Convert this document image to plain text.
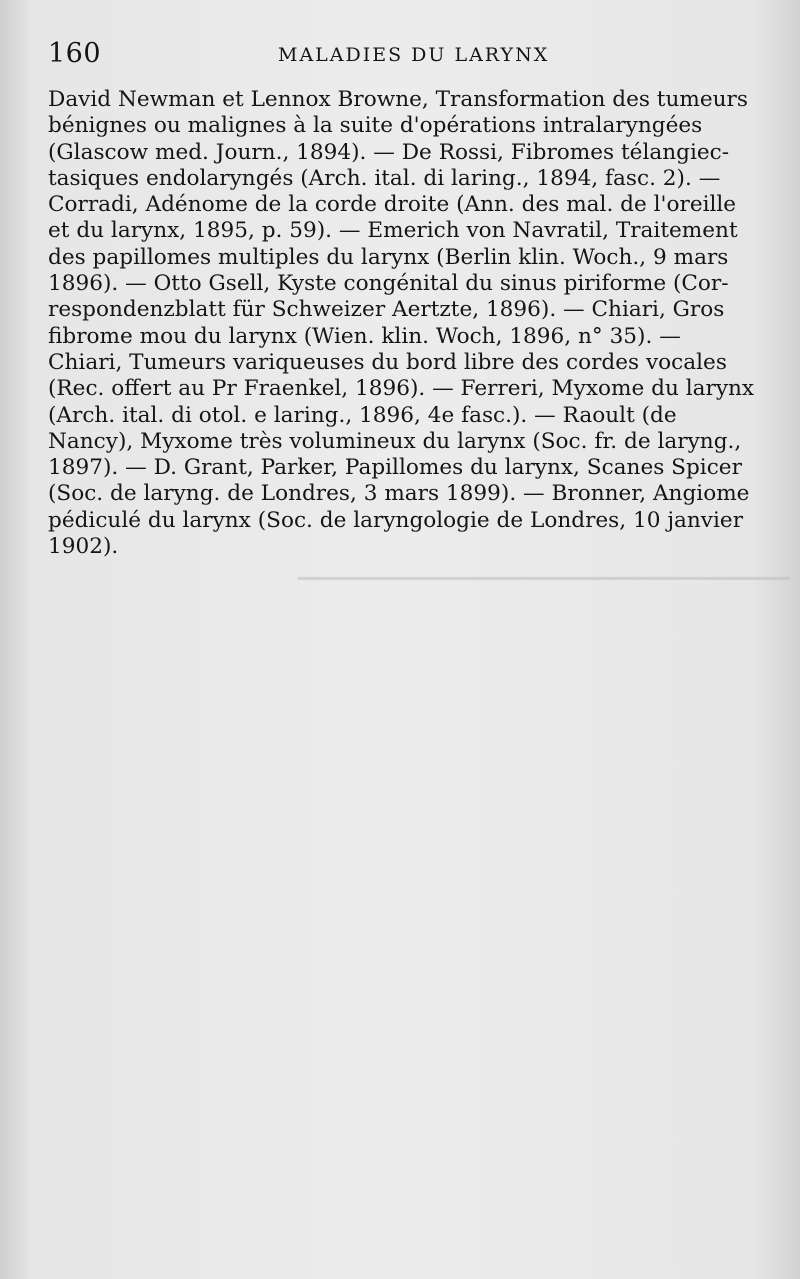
▁▁▁▁▁▁▁▁▁▁▁▁▁▁▁▁▁▁▁▁▁▁▁▁▁▁▁▁▁▁▁▁
160	MALADIES DU LARYNX
David Newman et Lennox Browne, Transformation des tumeurs
bénignes ou malignes à la suite d'opérations intralaryngées
(Glascow med. Journ., 1894). — De Rossi, Fibromes télangiec-
tasiques endolaryngés (Arch. ital. di laring., 1894, fasc. 2). —
Corradi, Adénome de la corde droite (Ann. des mal. de l'oreille
et du larynx, 1895, p. 59). — Emerich von Navratil, Traitement
des papillomes multiples du larynx (Berlin klin. Woch., 9 mars
1896). — Otto Gsell, Kyste congénital du sinus piriforme (Cor-
respondenzblatt für Schweizer Aertzte, 1896). — Chiari, Gros
fibrome mou du larynx (Wien. klin. Woch, 1896, n° 35). —
Chiari, Tumeurs variqueuses du bord libre des cordes vocales
(Rec. offert au Pr Fraenkel, 1896). — Ferreri, Myxome du larynx
(Arch. ital. di otol. e laring., 1896, 4e fasc.). — Raoult (de
Nancy), Myxome très volumineux du larynx (Soc. fr. de laryng.,
1897). — D. Grant, Parker, Papillomes du larynx, Scanes Spicer
(Soc. de laryng. de Londres, 3 mars 1899). — Bronner, Angiome
pédiculé du larynx (Soc. de laryngologie de Londres, 10 janvier
1902).
